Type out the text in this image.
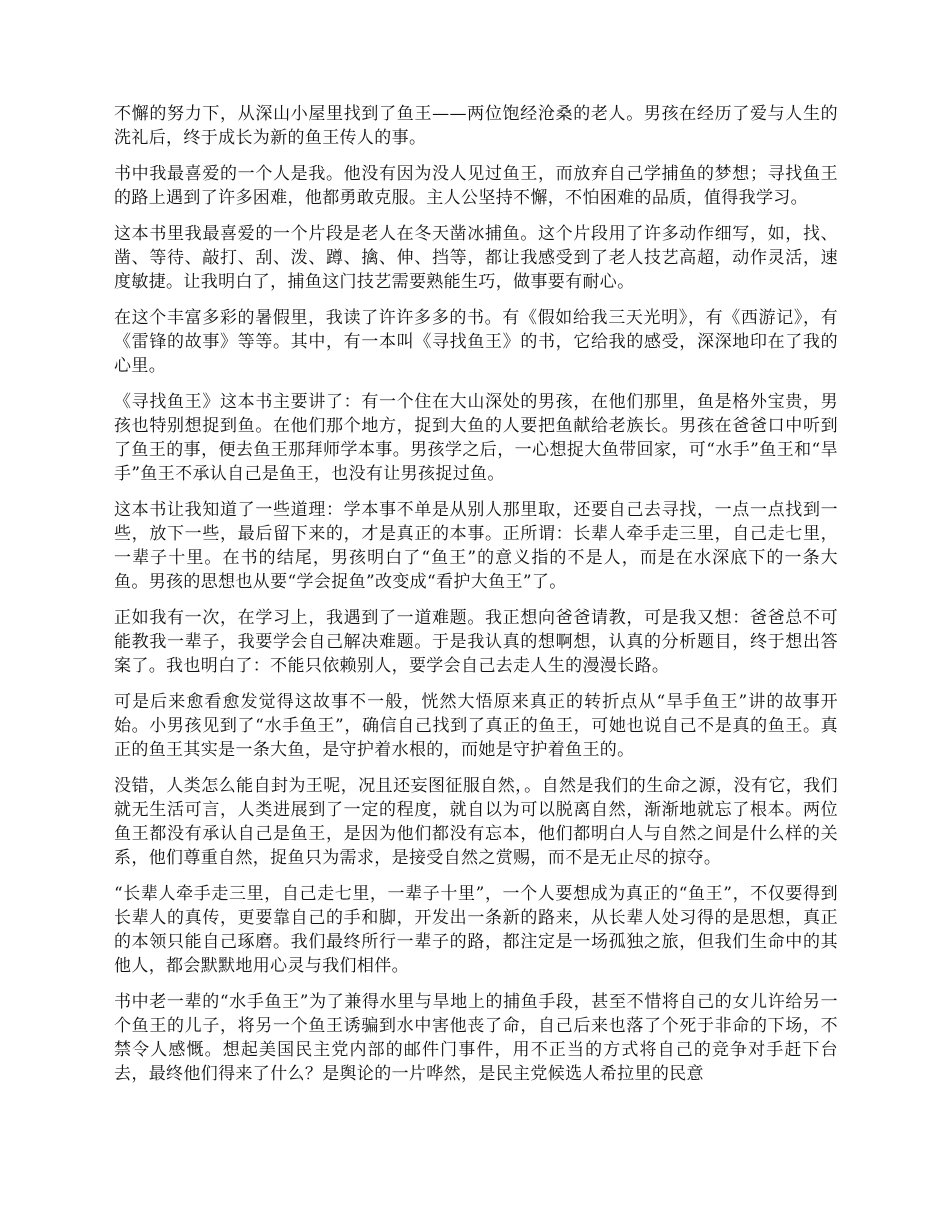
不懈的努力下，从深山小屋里找到了鱼王——两位饱经沧桑的老人。男孩在经历了爱与人生的洗礼后，终于成长为新的鱼王传人的事。

书中我最喜爱的一个人是我。他没有因为没人见过鱼王，而放弃自己学捕鱼的梦想；寻找鱼王的路上遇到了许多困难，他都勇敢克服。主人公坚持不懈，不怕困难的品质，值得我学习。

这本书里我最喜爱的一个片段是老人在冬天凿冰捕鱼。这个片段用了许多动作细写，如，找、凿、等待、敲打、刮、泼、蹲、擒、伸、挡等，都让我感受到了老人技艺高超，动作灵活，速度敏捷。让我明白了，捕鱼这门技艺需要熟能生巧，做事要有耐心。

在这个丰富多彩的暑假里，我读了许许多多的书。有《假如给我三天光明》，有《西游记》，有《雷锋的故事》等等。其中，有一本叫《寻找鱼王》的书，它给我的感受，深深地印在了我的心里。

《寻找鱼王》这本书主要讲了：有一个住在大山深处的男孩，在他们那里，鱼是格外宝贵，男孩也特别想捉到鱼。在他们那个地方，捉到大鱼的人要把鱼献给老族长。男孩在爸爸口中听到了鱼王的事，便去鱼王那拜师学本事。男孩学之后，一心想捉大鱼带回家，可“水手”鱼王和“旱手”鱼王不承认自己是鱼王，也没有让男孩捉过鱼。

这本书让我知道了一些道理：学本事不单是从别人那里取，还要自己去寻找，一点一点找到一些，放下一些，最后留下来的，才是真正的本事。正所谓：长辈人牵手走三里，自己走七里，一辈子十里。在书的结尾，男孩明白了“鱼王”的意义指的不是人，而是在水深底下的一条大鱼。男孩的思想也从要“学会捉鱼”改变成“看护大鱼王”了。

正如我有一次，在学习上，我遇到了一道难题。我正想向爸爸请教，可是我又想：爸爸总不可能教我一辈子，我要学会自己解决难题。于是我认真的想啊想，认真的分析题目，终于想出答案了。我也明白了：不能只依赖别人，要学会自己去走人生的漫漫长路。

可是后来愈看愈发觉得这故事不一般，恍然大悟原来真正的转折点从“旱手鱼王”讲的故事开始。小男孩见到了“水手鱼王”，确信自己找到了真正的鱼王，可她也说自己不是真的鱼王。真正的鱼王其实是一条大鱼，是守护着水根的，而她是守护着鱼王的。

没错，人类怎么能自封为王呢，况且还妄图征服自然，。自然是我们的生命之源，没有它，我们就无生活可言，人类进展到了一定的程度，就自以为可以脱离自然，渐渐地就忘了根本。两位鱼王都没有承认自己是鱼王，是因为他们都没有忘本，他们都明白人与自然之间是什么样的关系，他们尊重自然，捉鱼只为需求，是接受自然之赏赐，而不是无止尽的掠夺。

“长辈人牵手走三里，自己走七里，一辈子十里”，一个人要想成为真正的“鱼王”，不仅要得到长辈人的真传，更要靠自己的手和脚，开发出一条新的路来，从长辈人处习得的是思想，真正的本领只能自己琢磨。我们最终所行一辈子的路，都注定是一场孤独之旅，但我们生命中的其他人，都会默默地用心灵与我们相伴。

书中老一辈的“水手鱼王”为了兼得水里与旱地上的捕鱼手段，甚至不惜将自己的女儿许给另一个鱼王的儿子，将另一个鱼王诱骗到水中害他丧了命，自己后来也落了个死于非命的下场，不禁令人感慨。想起美国民主党内部的邮件门事件，用不正当的方式将自己的竞争对手赶下台去，最终他们得来了什么？是舆论的一片哗然，是民主党候选人希拉里的民意
